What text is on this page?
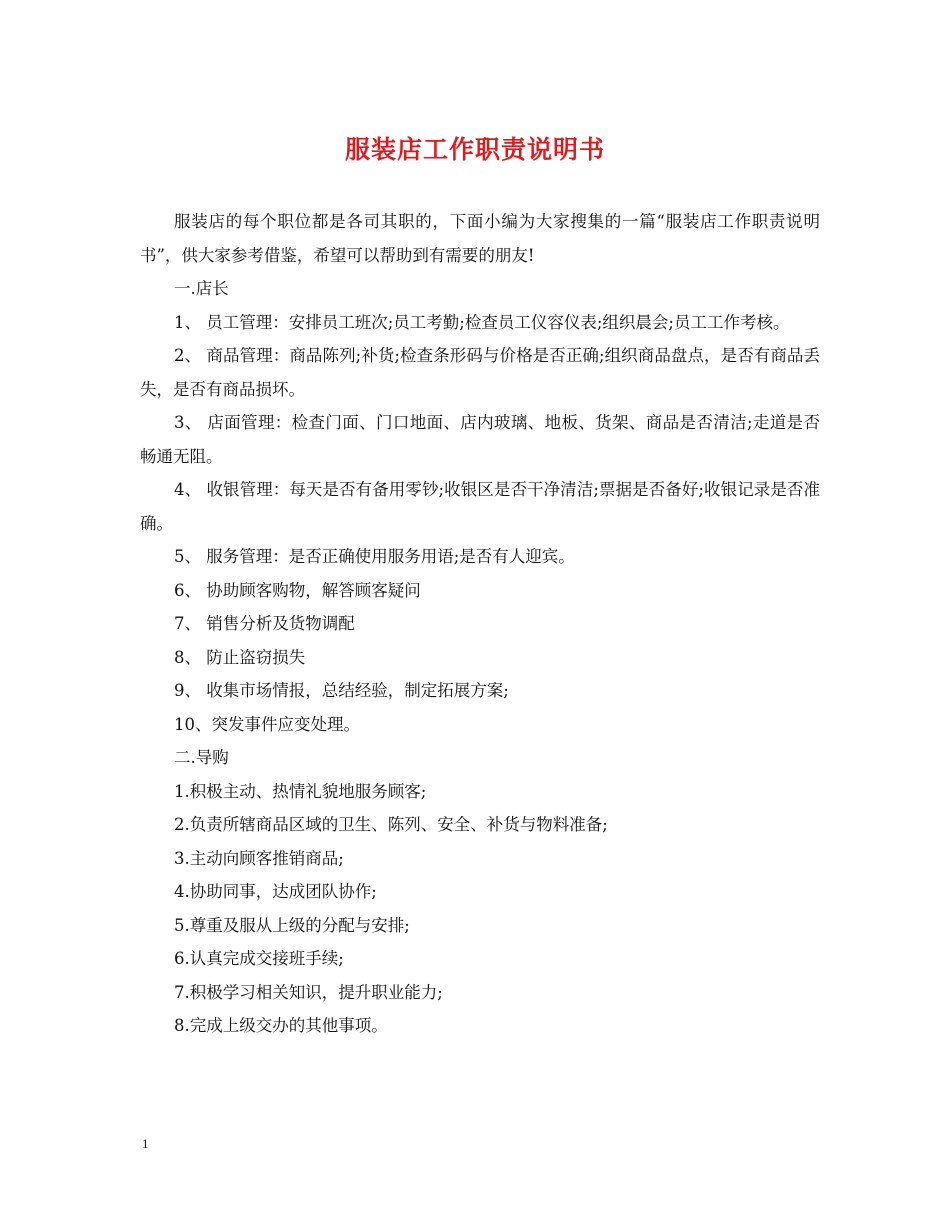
服装店工作职责说明书

服装店的每个职位都是各司其职的，下面小编为大家搜集的一篇“服装店工作职责说明书”，供大家参考借鉴，希望可以帮助到有需要的朋友!

一.店长

1、 员工管理：安排员工班次;员工考勤;检查员工仪容仪表;组织晨会;员工工作考核。

2、 商品管理：商品陈列;补货;检查条形码与价格是否正确;组织商品盘点，是否有商品丢失，是否有商品损坏。

3、 店面管理：检查门面、门口地面、店内玻璃、地板、货架、商品是否清洁;走道是否畅通无阻。

4、 收银管理：每天是否有备用零钞;收银区是否干净清洁;票据是否备好;收银记录是否准确。

5、 服务管理：是否正确使用服务用语;是否有人迎宾。

6、 协助顾客购物，解答顾客疑问

7、 销售分析及货物调配

8、 防止盗窃损失

9、 收集市场情报，总结经验，制定拓展方案;

10、突发事件应变处理。

二.导购

1.积极主动、热情礼貌地服务顾客;

2.负责所辖商品区域的卫生、陈列、安全、补货与物料准备;

3.主动向顾客推销商品;

4.协助同事，达成团队协作;

5.尊重及服从上级的分配与安排;

6.认真完成交接班手续;

7.积极学习相关知识，提升职业能力;

8.完成上级交办的其他事项。

1
